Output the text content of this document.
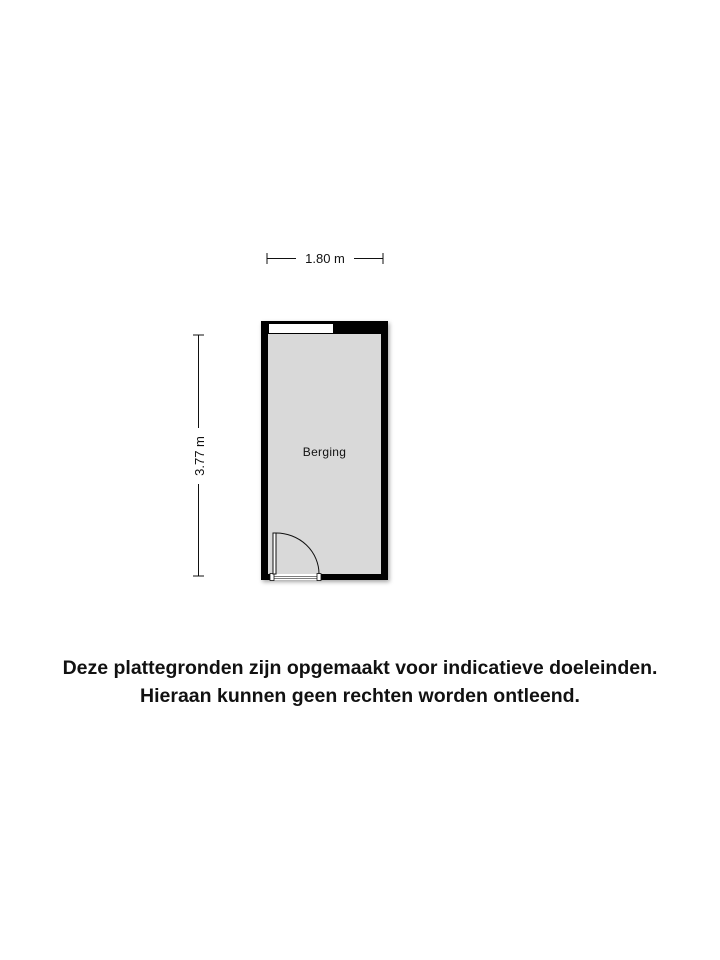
1.80 m
3.77 m	Berging
Deze plattegronden zijn opgemaakt voor indicatieve doeleinden.
Hieraan kunnen geen rechten worden ontleend.
